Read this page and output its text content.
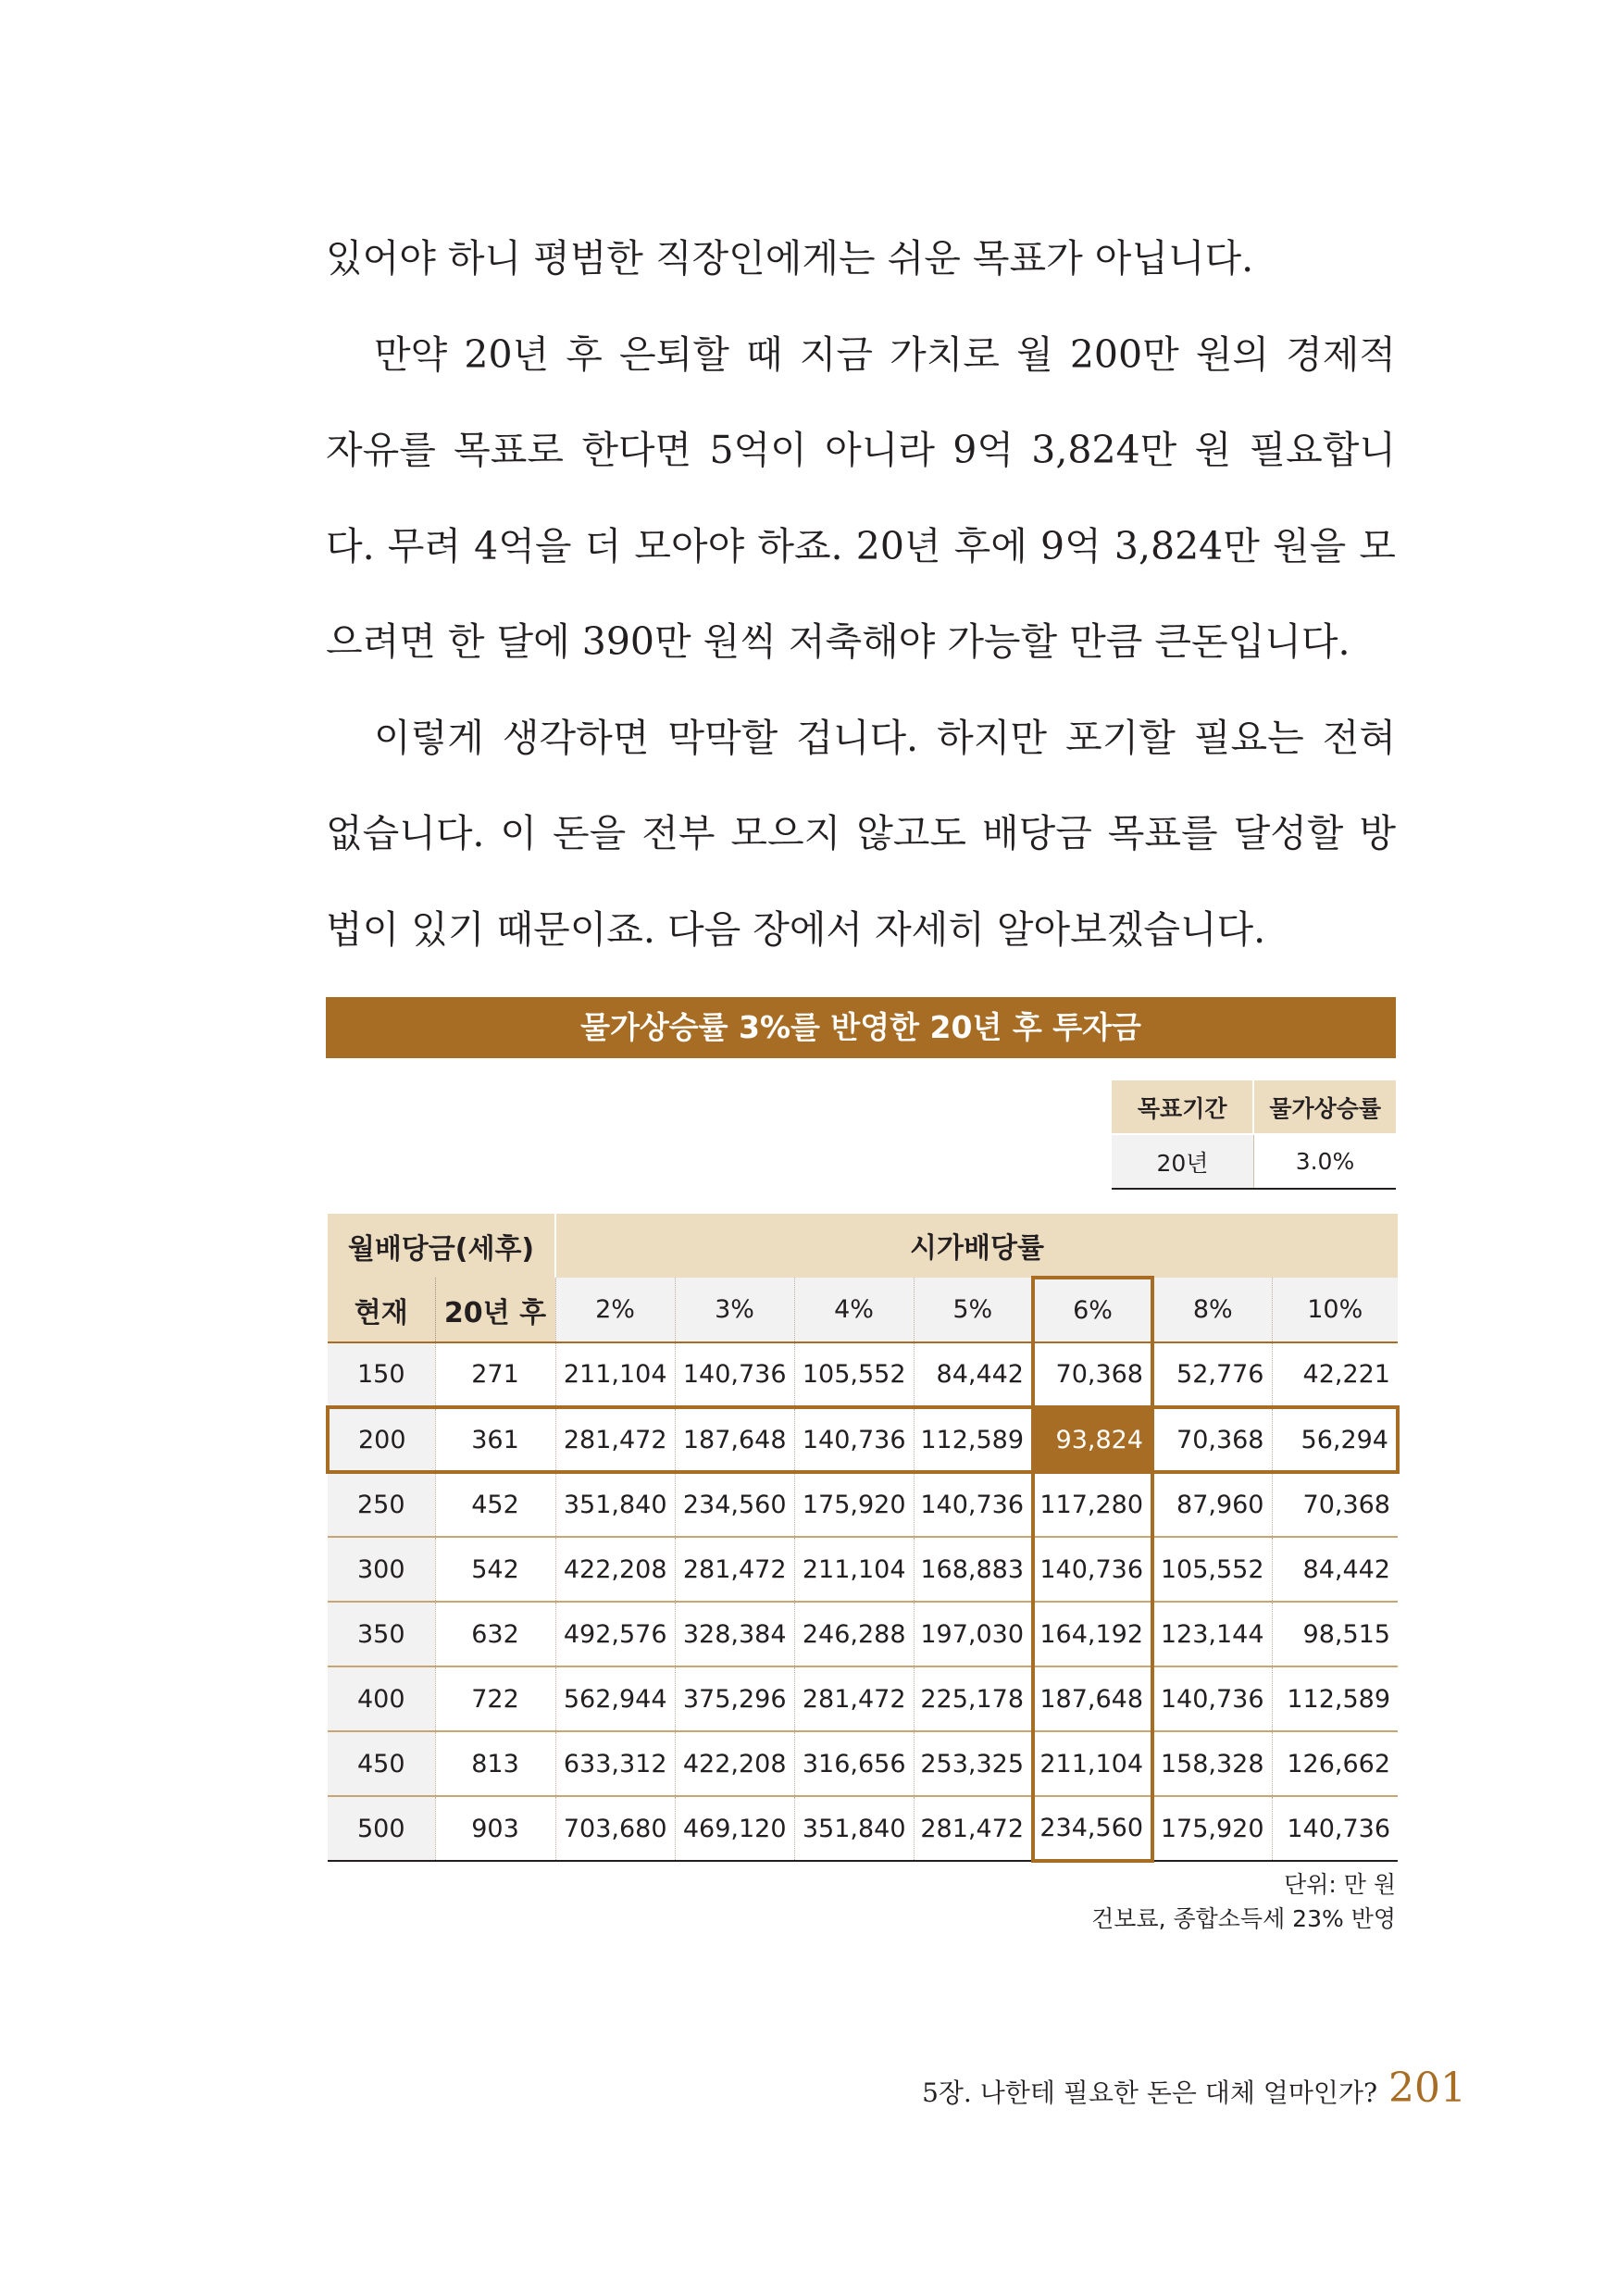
있어야 하니 평범한 직장인에게는 쉬운 목표가 아닙니다.

만약 20년 후 은퇴할 때 지금 가치로 월 200만 원의 경제적 자유를 목표로 한다면 5억이 아니라 9억 3,824만 원 필요합니다. 무려 4억을 더 모아야 하죠. 20년 후에 9억 3,824만 원을 모으려면 한 달에 390만 원씩 저축해야 가능할 만큼 큰돈입니다.

이렇게 생각하면 막막할 겁니다. 하지만 포기할 필요는 전혀 없습니다. 이 돈을 전부 모으지 않고도 배당금 목표를 달성할 방법이 있기 때문이죠. 다음 장에서 자세히 알아보겠습니다.

물가상승률 3%를 반영한 20년 후 투자금
목표기간	물가상승률
20년	3.0%
월배당금(세후)		시가배당률						
현재	20년 후	2%	3%	4%	5%	6%	8%	10%
150	271	211,104	140,736	105,552	84,442	70,368	52,776	42,221
200	361	281,472	187,648	140,736	112,589	93,824	70,368	56,294
250	452	351,840	234,560	175,920	140,736	117,280	87,960	70,368
300	542	422,208	281,472	211,104	168,883	140,736	105,552	84,442
350	632	492,576	328,384	246,288	197,030	164,192	123,144	98,515
400	722	562,944	375,296	281,472	225,178	187,648	140,736	112,589
450	813	633,312	422,208	316,656	253,325	211,104	158,328	126,662
500	903	703,680	469,120	351,840	281,472	234,560	175,920	140,736
단위: 만 원
건보료, 종합소득세 23% 반영
5장. 나한테 필요한 돈은 대체 얼마인가? 201
